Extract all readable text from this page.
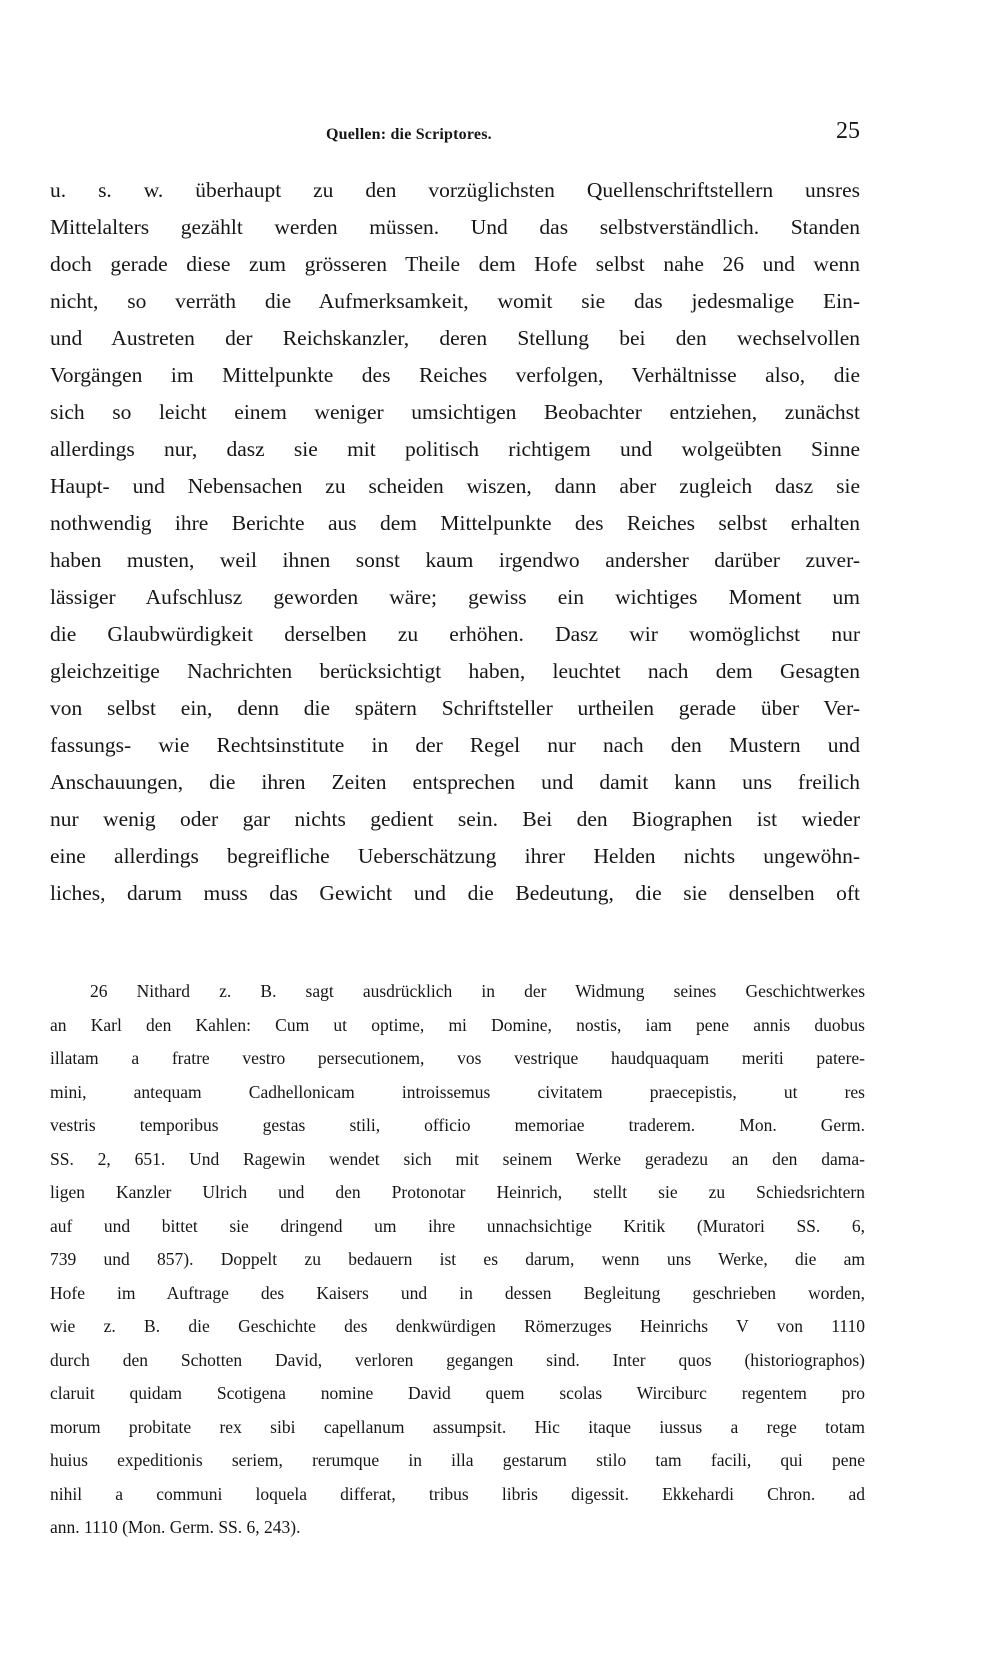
Quellen: die Scriptores.	25
u. s. w. überhaupt zu den vorzüglichsten Quellenschriftstellern unsres
Mittelalters gezählt werden müssen. Und das selbstverständlich. Standen
doch gerade diese zum grösseren Theile dem Hofe selbst nahe 26 und wenn
nicht, so verräth die Aufmerksamkeit, womit sie das jedesmalige Ein-
und Austreten der Reichskanzler, deren Stellung bei den wechselvollen
Vorgängen im Mittelpunkte des Reiches verfolgen, Verhältnisse also, die
sich so leicht einem weniger umsichtigen Beobachter entziehen, zunächst
allerdings nur, dasz sie mit politisch richtigem und wolgeübten Sinne
Haupt- und Nebensachen zu scheiden wiszen, dann aber zugleich dasz sie
nothwendig ihre Berichte aus dem Mittelpunkte des Reiches selbst erhalten
haben musten, weil ihnen sonst kaum irgendwo andersher darüber zuver-
lässiger Aufschlusz geworden wäre; gewiss ein wichtiges Moment um
die Glaubwürdigkeit derselben zu erhöhen. Dasz wir womöglichst nur
gleichzeitige Nachrichten berücksichtigt haben, leuchtet nach dem Gesagten
von selbst ein, denn die spätern Schriftsteller urtheilen gerade über Ver-
fassungs- wie Rechtsinstitute in der Regel nur nach den Mustern und
Anschauungen, die ihren Zeiten entsprechen und damit kann uns freilich
nur wenig oder gar nichts gedient sein. Bei den Biographen ist wieder
eine allerdings begreifliche Ueberschätzung ihrer Helden nichts ungewöhn-
liches, darum muss das Gewicht und die Bedeutung, die sie denselben oft
26 Nithard z. B. sagt ausdrücklich in der Widmung seines Geschichtwerkes
an Karl den Kahlen: Cum ut optime, mi Domine, nostis, iam pene annis duobus
illatam a fratre vestro persecutionem, vos vestrique haudquaquam meriti patere-
mini, antequam Cadhellonicam introissemus civitatem praecepistis, ut res
vestris temporibus gestas stili, officio memoriae traderem. Mon. Germ.
SS. 2, 651. Und Ragewin wendet sich mit seinem Werke geradezu an den dama-
ligen Kanzler Ulrich und den Protonotar Heinrich, stellt sie zu Schiedsrichtern
auf und bittet sie dringend um ihre unnachsichtige Kritik (Muratori SS. 6,
739 und 857). Doppelt zu bedauern ist es darum, wenn uns Werke, die am
Hofe im Auftrage des Kaisers und in dessen Begleitung geschrieben worden,
wie z. B. die Geschichte des denkwürdigen Römerzuges Heinrichs V von 1110
durch den Schotten David, verloren gegangen sind. Inter quos (historiographos)
claruit quidam Scotigena nomine David quem scolas Wirciburc regentem pro
morum probitate rex sibi capellanum assumpsit. Hic itaque iussus a rege totam
huius expeditionis seriem, rerumque in illa gestarum stilo tam facili, qui pene
nihil a communi loquela differat, tribus libris digessit. Ekkehardi Chron. ad
ann. 1110 (Mon. Germ. SS. 6, 243).
